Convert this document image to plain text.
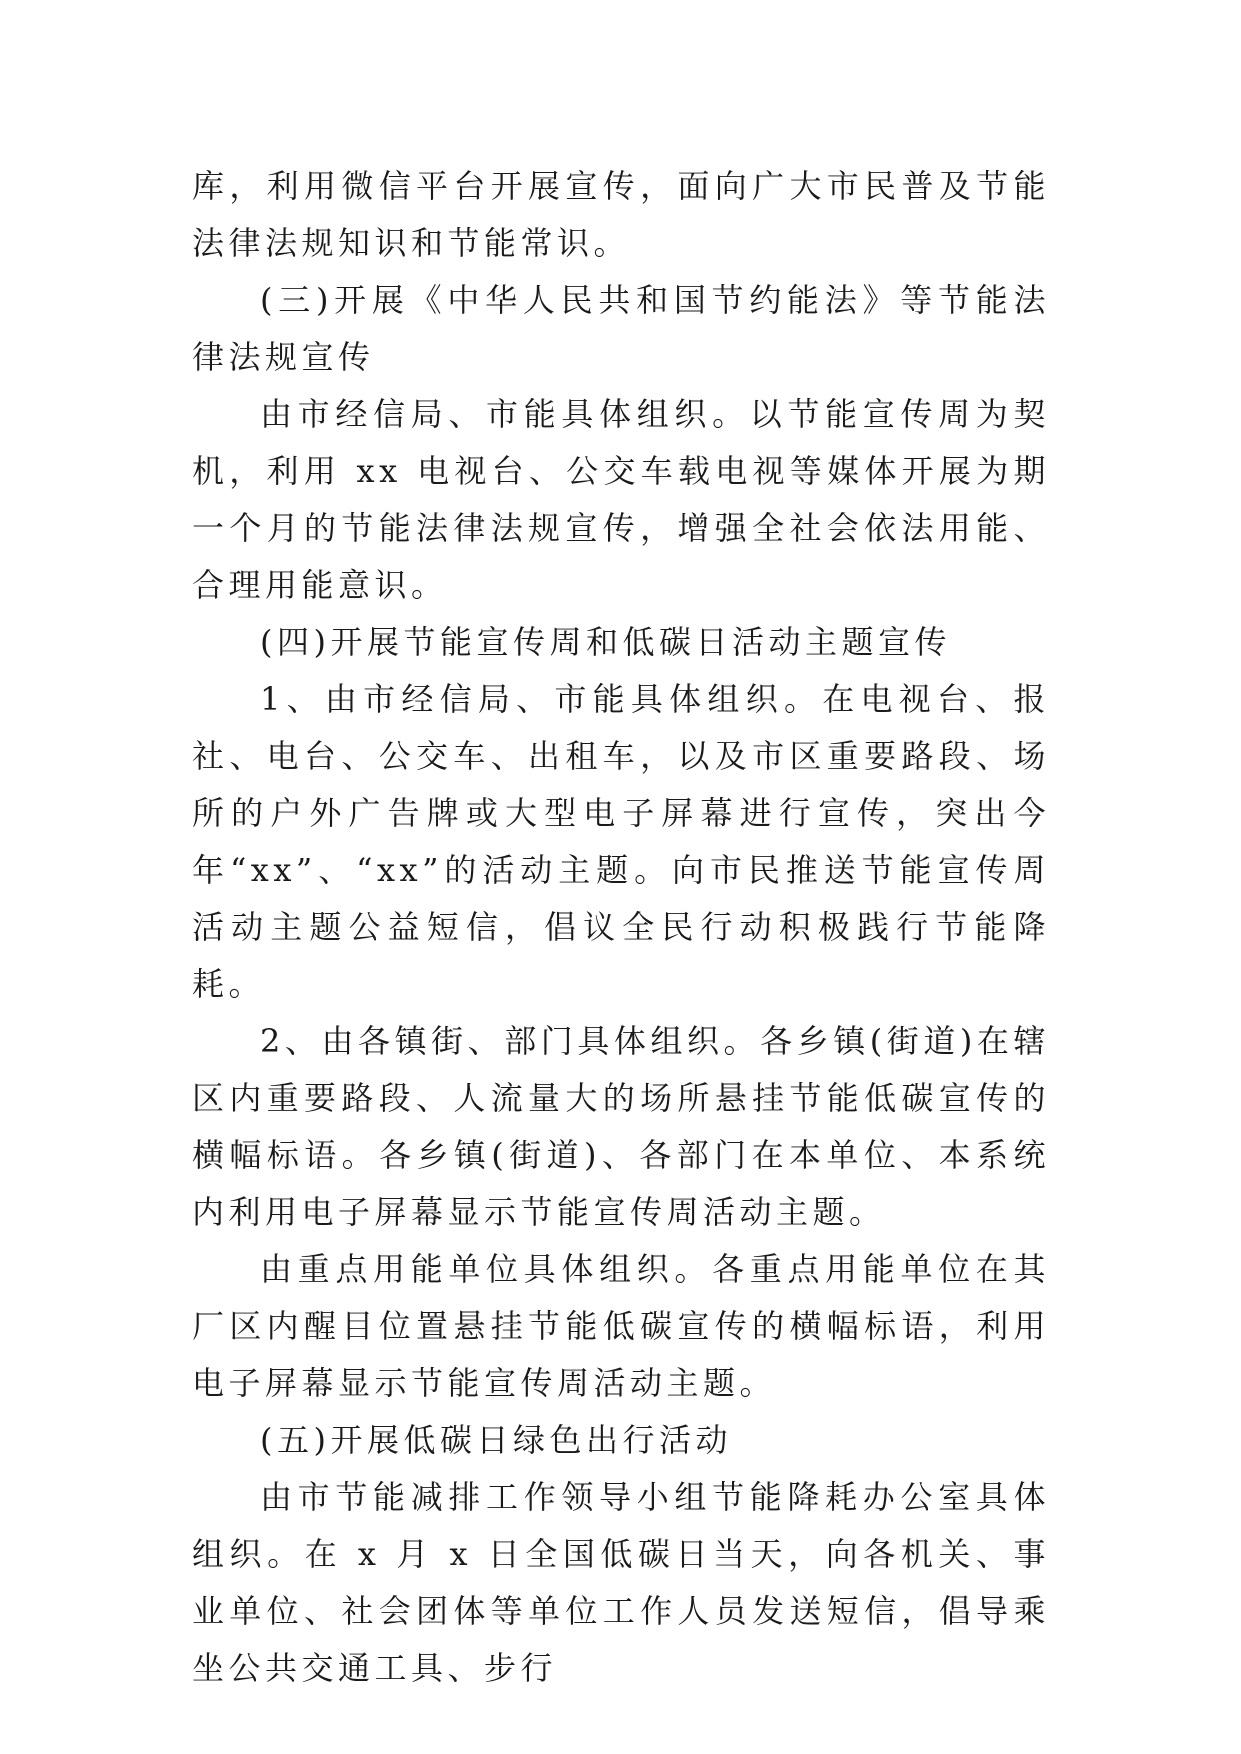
库，利用微信平台开展宣传，面向广大市民普及节能法律法规知识和节能常识。

(三)开展《中华人民共和国节约能法》等节能法律法规宣传

由市经信局、市能具体组织。以节能宣传周为契机，利用 xx 电视台、公交车载电视等媒体开展为期一个月的节能法律法规宣传，增强全社会依法用能、合理用能意识。

(四)开展节能宣传周和低碳日活动主题宣传

1、由市经信局、市能具体组织。在电视台、报社、电台、公交车、出租车，以及市区重要路段、场所的户外广告牌或大型电子屏幕进行宣传，突出今年“xx”、“xx”的活动主题。向市民推送节能宣传周活动主题公益短信，倡议全民行动积极践行节能降耗。

2、由各镇街、部门具体组织。各乡镇(街道)在辖区内重要路段、人流量大的场所悬挂节能低碳宣传的横幅标语。各乡镇(街道)、各部门在本单位、本系统内利用电子屏幕显示节能宣传周活动主题。

由重点用能单位具体组织。各重点用能单位在其厂区内醒目位置悬挂节能低碳宣传的横幅标语，利用电子屏幕显示节能宣传周活动主题。

(五)开展低碳日绿色出行活动

由市节能减排工作领导小组节能降耗办公室具体组织。在 x 月 x 日全国低碳日当天，向各机关、事业单位、社会团体等单位工作人员发送短信，倡导乘坐公共交通工具、步行
